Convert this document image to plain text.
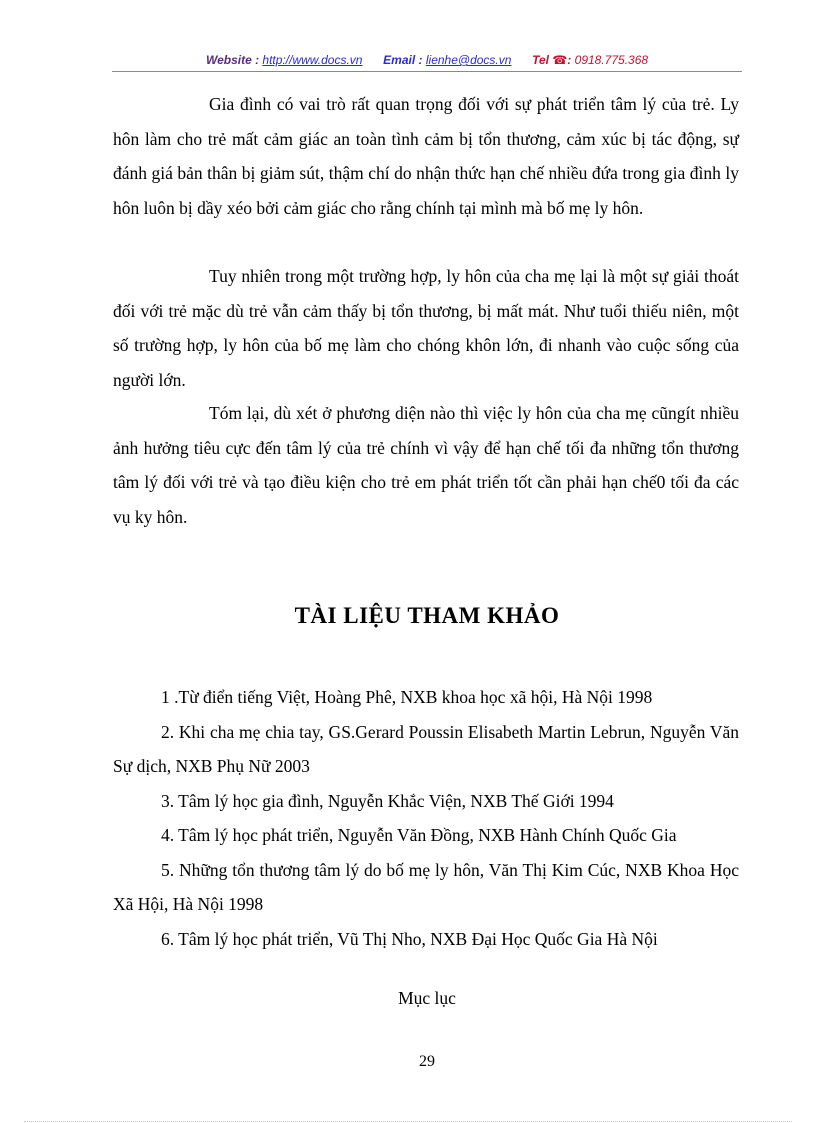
Website : http://www.docs.vn Email : lienhe@docs.vn Tel ☎: 0918.775.368

Gia đình có vai trò rất quan trọng đối với sự phát triển tâm lý của trẻ. Ly hôn làm cho trẻ mất cảm giác an toàn tình cảm bị tổn thương, cảm xúc bị tác động, sự đánh giá bản thân bị giảm sút, thậm chí do nhận thức hạn chế nhiều đứa trong gia đình ly hôn luôn bị dầy xéo bởi cảm giác cho rằng chính tại mình mà bố mẹ ly hôn.

Tuy nhiên trong một trường hợp, ly hôn của cha mẹ lại là một sự giải thoát đối với trẻ mặc dù trẻ vẫn cảm thấy bị tổn thương, bị mất mát. Như tuổi thiếu niên, một số trường hợp, ly hôn của bố mẹ làm cho chóng khôn lớn, đi nhanh vào cuộc sống của người lớn.

Tóm lại, dù xét ở phương diện nào thì việc ly hôn của cha mẹ cũngít nhiều ảnh hưởng tiêu cực đến tâm lý của trẻ chính vì vậy để hạn chế tối đa những tổn thương tâm lý đối với trẻ và tạo điều kiện cho trẻ em phát triển tốt cần phải hạn chế0 tối đa các vụ ky hôn.

TÀI LIỆU THAM KHẢO
1 .Từ điển tiếng Việt, Hoàng Phê, NXB khoa học xã hội, Hà Nội 1998
2. Khi cha mẹ chia tay, GS.Gerard Poussin Elisabeth Martin Lebrun, Nguyễn Văn Sự dịch, NXB Phụ Nữ 2003
3. Tâm lý học gia đình, Nguyễn Khắc Viện, NXB Thế Giới 1994
4. Tâm lý học phát triển, Nguyễn Văn Đồng, NXB Hành Chính Quốc Gia
5. Những tổn thương tâm lý do bố mẹ ly hôn, Văn Thị Kim Cúc, NXB Khoa Học Xã Hội, Hà Nội 1998
6. Tâm lý học phát triển, Vũ Thị Nho, NXB Đại Học Quốc Gia Hà Nội
Mục lục
29
